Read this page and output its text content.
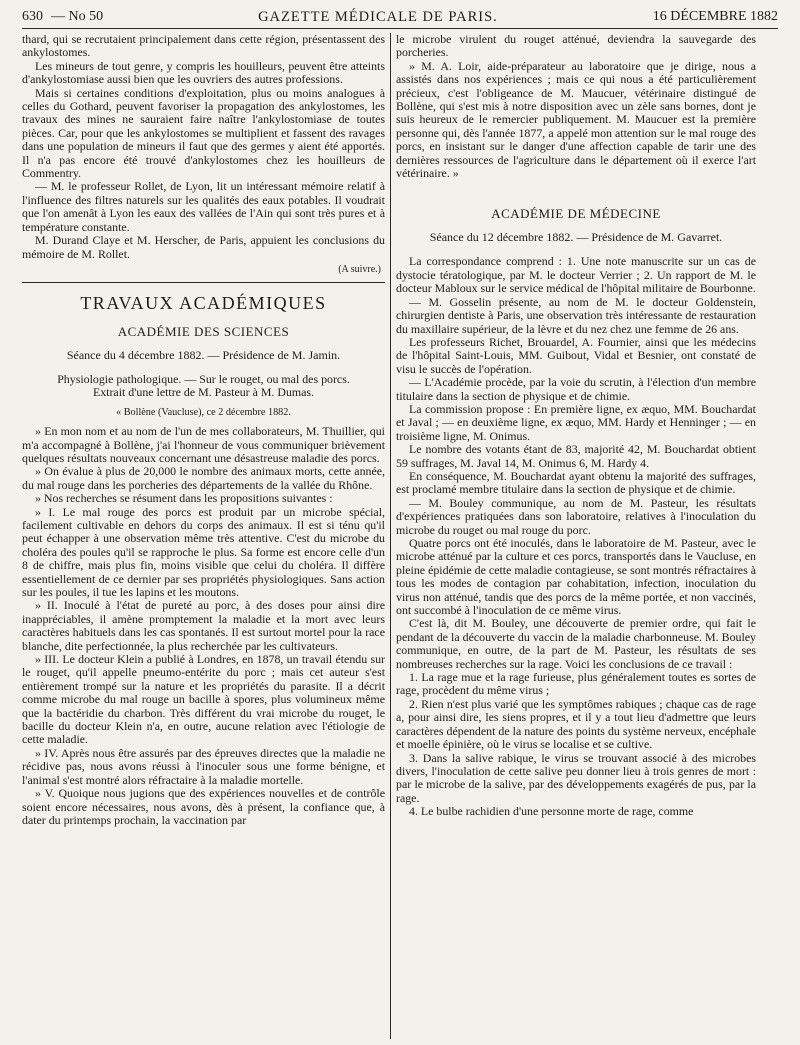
630 — No 50	GAZETTE MÉDICALE DE PARIS.	16 DÉCEMBRE 1882

thard, qui se recrutaient principalement dans cette région, présentassent des ankylostomes.

Les mineurs de tout genre, y compris les houilleurs, peuvent être atteints d'ankylostomiase aussi bien que les ouvriers des autres professions.

Mais si certaines conditions d'exploitation, plus ou moins analogues à celles du Gothard, peuvent favoriser la propagation des ankylostomes, les travaux des mines ne sauraient faire naître l'ankylostomiase de toutes pièces. Car, pour que les ankylostomes se multiplient et fassent des ravages dans une population de mineurs il faut que des germes y aient été apportés. Il n'a pas encore été trouvé d'ankylostomes chez les houilleurs de Commentry.

— M. le professeur Rollet, de Lyon, lit un intéressant mémoire relatif à l'influence des filtres naturels sur les qualités des eaux potables. Il voudrait que l'on amenât à Lyon les eaux des vallées de l'Ain qui sont très pures et à température constante.

M. Durand Claye et M. Herscher, de Paris, appuient les conclusions du mémoire de M. Rollet.

(A suivre.)
TRAVAUX ACADÉMIQUES
ACADÉMIE DES SCIENCES
Séance du 4 décembre 1882. — Présidence de M. Jamin.

Physiologie pathologique. — Sur le rouget, ou mal des porcs.

Extrait d'une lettre de M. Pasteur à M. Dumas.

« Bollène (Vaucluse), ce 2 décembre 1882.

» En mon nom et au nom de l'un de mes collaborateurs, M. Thuillier, qui m'a accompagné à Bollène, j'ai l'honneur de vous communiquer brièvement quelques résultats nouveaux concernant une désastreuse maladie des porcs.

» On évalue à plus de 20,000 le nombre des animaux morts, cette année, du mal rouge dans les porcheries des départements de la vallée du Rhône.

» Nos recherches se résument dans les propositions suivantes :

» I. Le mal rouge des porcs est produit par un microbe spécial, facilement cultivable en dehors du corps des animaux. Il est si ténu qu'il peut échapper à une observation même très attentive. C'est du microbe du choléra des poules qu'il se rapproche le plus. Sa forme est encore celle d'un 8 de chiffre, mais plus fin, moins visible que celui du choléra. Il diffère essentiellement de ce dernier par ses propriétés physiologiques. Sans action sur les poules, il tue les lapins et les moutons.

» II. Inoculé à l'état de pureté au porc, à des doses pour ainsi dire inappréciables, il amène promptement la maladie et la mort avec leurs caractères habituels dans les cas spontanés. Il est surtout mortel pour la race blanche, dite perfectionnée, la plus recherchée par les cultivateurs.

» III. Le docteur Klein a publié à Londres, en 1878, un travail étendu sur le rouget, qu'il appelle pneumo-entérite du porc ; mais cet auteur s'est entièrement trompé sur la nature et les propriétés du parasite. Il a décrit comme microbe du mal rouge un bacille à spores, plus volumineux même que la bactéridie du charbon. Très différent du vrai microbe du rouget, le bacille du docteur Klein n'a, en outre, aucune relation avec l'étiologie de cette maladie.

» IV. Après nous être assurés par des épreuves directes que la maladie ne récidive pas, nous avons réussi à l'inoculer sous une forme bénigne, et l'animal s'est montré alors réfractaire à la maladie mortelle.

» V. Quoique nous jugions que des expériences nouvelles et de contrôle soient encore nécessaires, nous avons, dès à présent, la confiance que, à dater du printemps prochain, la vaccination par

le microbe virulent du rouget atténué, deviendra la sauvegarde des porcheries.

» M. A. Loir, aide-préparateur au laboratoire que je dirige, nous a assistés dans nos expériences ; mais ce qui nous a été particulièrement précieux, c'est l'obligeance de M. Maucuer, vétérinaire distingué de Bollène, qui s'est mis à notre disposition avec un zèle sans bornes, dont je suis heureux de le remercier publiquement. M. Maucuer est la première personne qui, dès l'année 1877, a appelé mon attention sur le mal rouge des porcs, en insistant sur le danger d'une affection capable de tarir une des dernières ressources de l'agriculture dans le département où il exerce l'art vétérinaire. »

ACADÉMIE DE MÉDECINE
Séance du 12 décembre 1882. — Présidence de M. Gavarret.

La correspondance comprend : 1. Une note manuscrite sur un cas de dystocie tératologique, par M. le docteur Verrier ; 2. Un rapport de M. le docteur Mabloux sur le service médical de l'hôpital militaire de Bourbonne.

— M. Gosselin présente, au nom de M. le docteur Goldenstein, chirurgien dentiste à Paris, une observation très intéressante de restauration du maxillaire supérieur, de la lèvre et du nez chez une femme de 26 ans.

Les professeurs Richet, Brouardel, A. Fournier, ainsi que les médecins de l'hôpital Saint-Louis, MM. Guibout, Vidal et Besnier, ont constaté de visu le succès de l'opération.

— L'Académie procède, par la voie du scrutin, à l'élection d'un membre titulaire dans la section de physique et de chimie.

La commission propose : En première ligne, ex æquo, MM. Bouchardat et Javal ; — en deuxième ligne, ex æquo, MM. Hardy et Henninger ; — en troisième ligne, M. Onimus.

Le nombre des votants étant de 83, majorité 42, M. Bouchardat obtient 59 suffrages, M. Javal 14, M. Onimus 6, M. Hardy 4.

En conséquence, M. Bouchardat ayant obtenu la majorité des suffrages, est proclamé membre titulaire dans la section de physique et de chimie.

— M. Bouley communique, au nom de M. Pasteur, les résultats d'expériences pratiquées dans son laboratoire, relatives à l'inoculation du microbe du rouget ou mal rouge du porc.

Quatre porcs ont été inoculés, dans le laboratoire de M. Pasteur, avec le microbe atténué par la culture et ces porcs, transportés dans le Vaucluse, en pleine épidémie de cette maladie contagieuse, se sont montrés réfractaires à tous les modes de contagion par cohabitation, infection, inoculation du virus non atténué, tandis que des porcs de la même portée, et non vaccinés, ont succombé à l'inoculation de ce même virus.

C'est là, dit M. Bouley, une découverte de premier ordre, qui fait le pendant de la découverte du vaccin de la maladie charbonneuse. M. Bouley communique, en outre, de la part de M. Pasteur, les résultats de ses nombreuses recherches sur la rage. Voici les conclusions de ce travail :

1. La rage mue et la rage furieuse, plus généralement toutes es sortes de rage, procèdent du même virus ;

2. Rien n'est plus varié que les symptômes rabiques ; chaque cas de rage a, pour ainsi dire, les siens propres, et il y a tout lieu d'admettre que leurs caractères dépendent de la nature des points du système nerveux, encéphale et moelle épinière, où le virus se localise et se cultive.

3. Dans la salive rabique, le virus se trouvant associé à des microbes divers, l'inoculation de cette salive peu donner lieu à trois genres de mort : par le microbe de la salive, par des développements exagérés de pus, par la rage.

4. Le bulbe rachidien d'une personne morte de rage, comme
